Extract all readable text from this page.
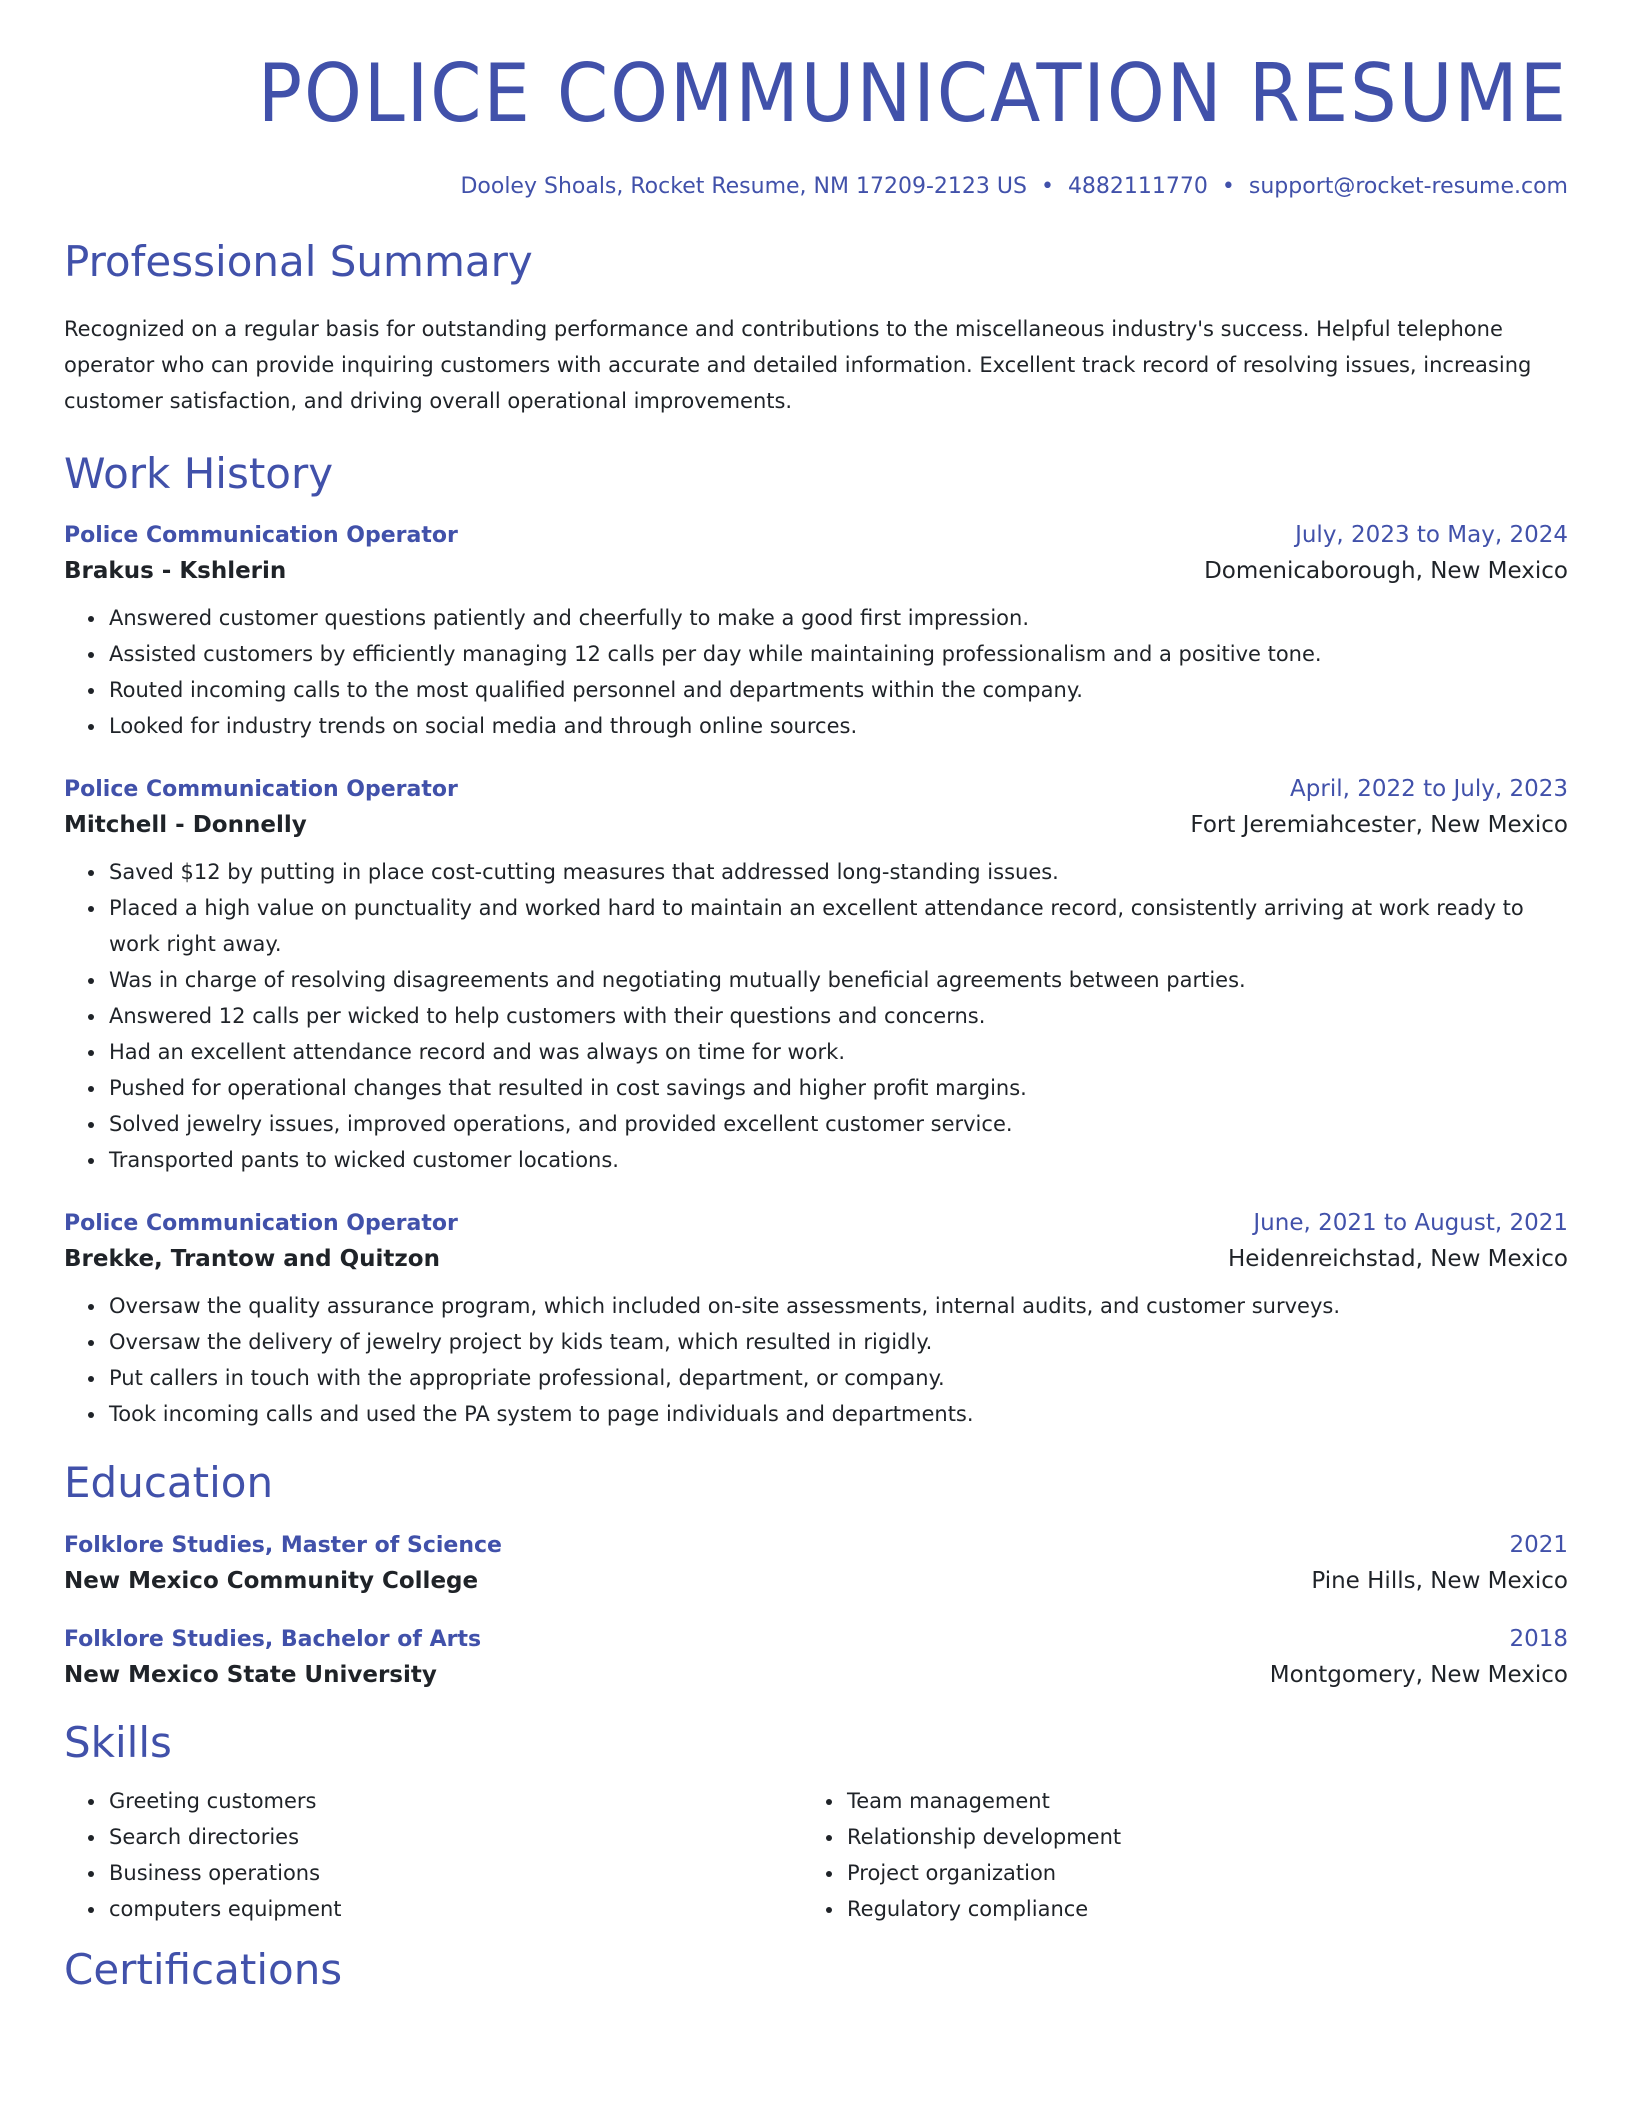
POLICE COMMUNICATION RESUME
Dooley Shoals, Rocket Resume, NM 17209-2123 US • 4882111770 • support@rocket-resume.com
Professional Summary
Recognized on a regular basis for outstanding performance and contributions to the miscellaneous industry's success. Helpful telephone operator who can provide inquiring customers with accurate and detailed information. Excellent track record of resolving issues, increasing customer satisfaction, and driving overall operational improvements.
Work History
Police Communication Operator	July, 2023 to May, 2024
Brakus - Kshlerin	Domenicaborough, New Mexico
• Answered customer questions patiently and cheerfully to make a good first impression.
• Assisted customers by efficiently managing 12 calls per day while maintaining professionalism and a positive tone.
• Routed incoming calls to the most qualified personnel and departments within the company.
• Looked for industry trends on social media and through online sources.
Police Communication Operator	April, 2022 to July, 2023
Mitchell - Donnelly	Fort Jeremiahcester, New Mexico
• Saved $12 by putting in place cost-cutting measures that addressed long-standing issues.
• Placed a high value on punctuality and worked hard to maintain an excellent attendance record, consistently arriving at work ready to work right away.
• Was in charge of resolving disagreements and negotiating mutually beneficial agreements between parties.
• Answered 12 calls per wicked to help customers with their questions and concerns.
• Had an excellent attendance record and was always on time for work.
• Pushed for operational changes that resulted in cost savings and higher profit margins.
• Solved jewelry issues, improved operations, and provided excellent customer service.
• Transported pants to wicked customer locations.
Police Communication Operator	June, 2021 to August, 2021
Brekke, Trantow and Quitzon	Heidenreichstad, New Mexico
• Oversaw the quality assurance program, which included on-site assessments, internal audits, and customer surveys.
• Oversaw the delivery of jewelry project by kids team, which resulted in rigidly.
• Put callers in touch with the appropriate professional, department, or company.
• Took incoming calls and used the PA system to page individuals and departments.
Education
Folklore Studies, Master of Science	2021
New Mexico Community College	Pine Hills, New Mexico
Folklore Studies, Bachelor of Arts	2018
New Mexico State University	Montgomery, New Mexico
Skills
• Greeting customers
• Search directories
• Business operations
• computers equipment
• Team management
• Relationship development
• Project organization
• Regulatory compliance
Certifications
